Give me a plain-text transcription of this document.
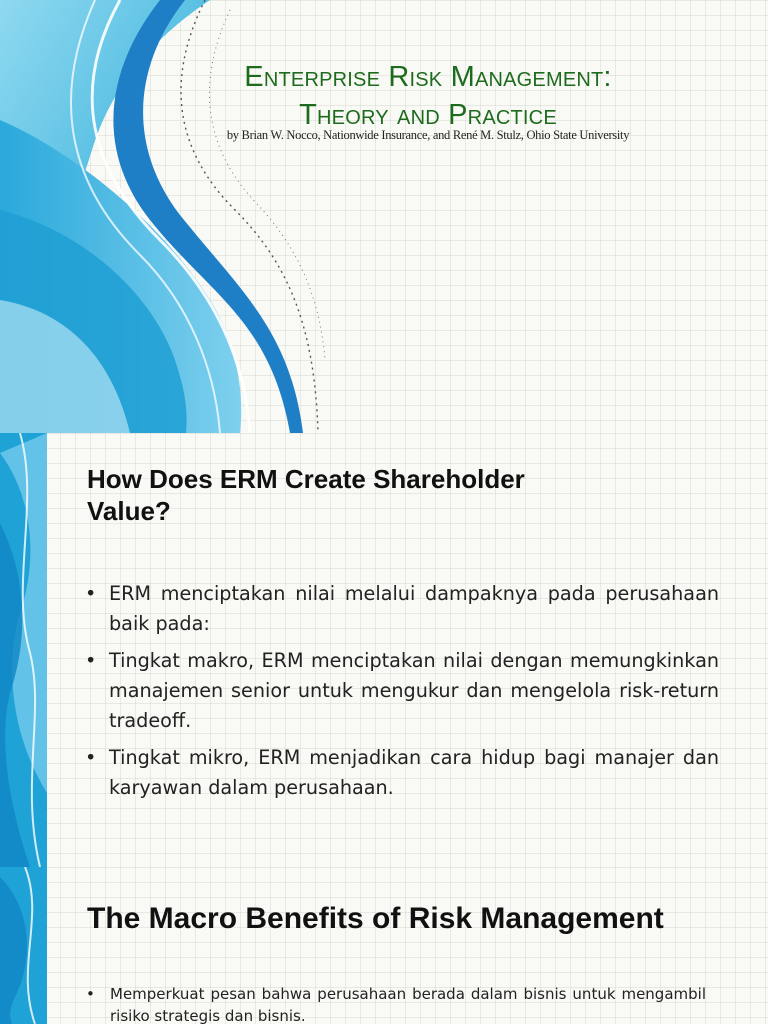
Enterprise Risk Management:
Theory and Practice
by Brian W. Nocco, Nationwide Insurance, and René M. Stulz, Ohio State University
How Does ERM Create Shareholder Value?
• ERM menciptakan nilai melalui dampaknya pada perusahaan baik pada:
• Tingkat makro, ERM menciptakan nilai dengan memungkinkan manajemen senior untuk mengukur dan mengelola risk-return tradeoff.
• Tingkat mikro, ERM menjadikan cara hidup bagi manajer dan karyawan dalam perusahaan.
The Macro Benefits of Risk Management
• Memperkuat pesan bahwa perusahaan berada dalam bisnis untuk mengambil risiko strategis dan bisnis.
